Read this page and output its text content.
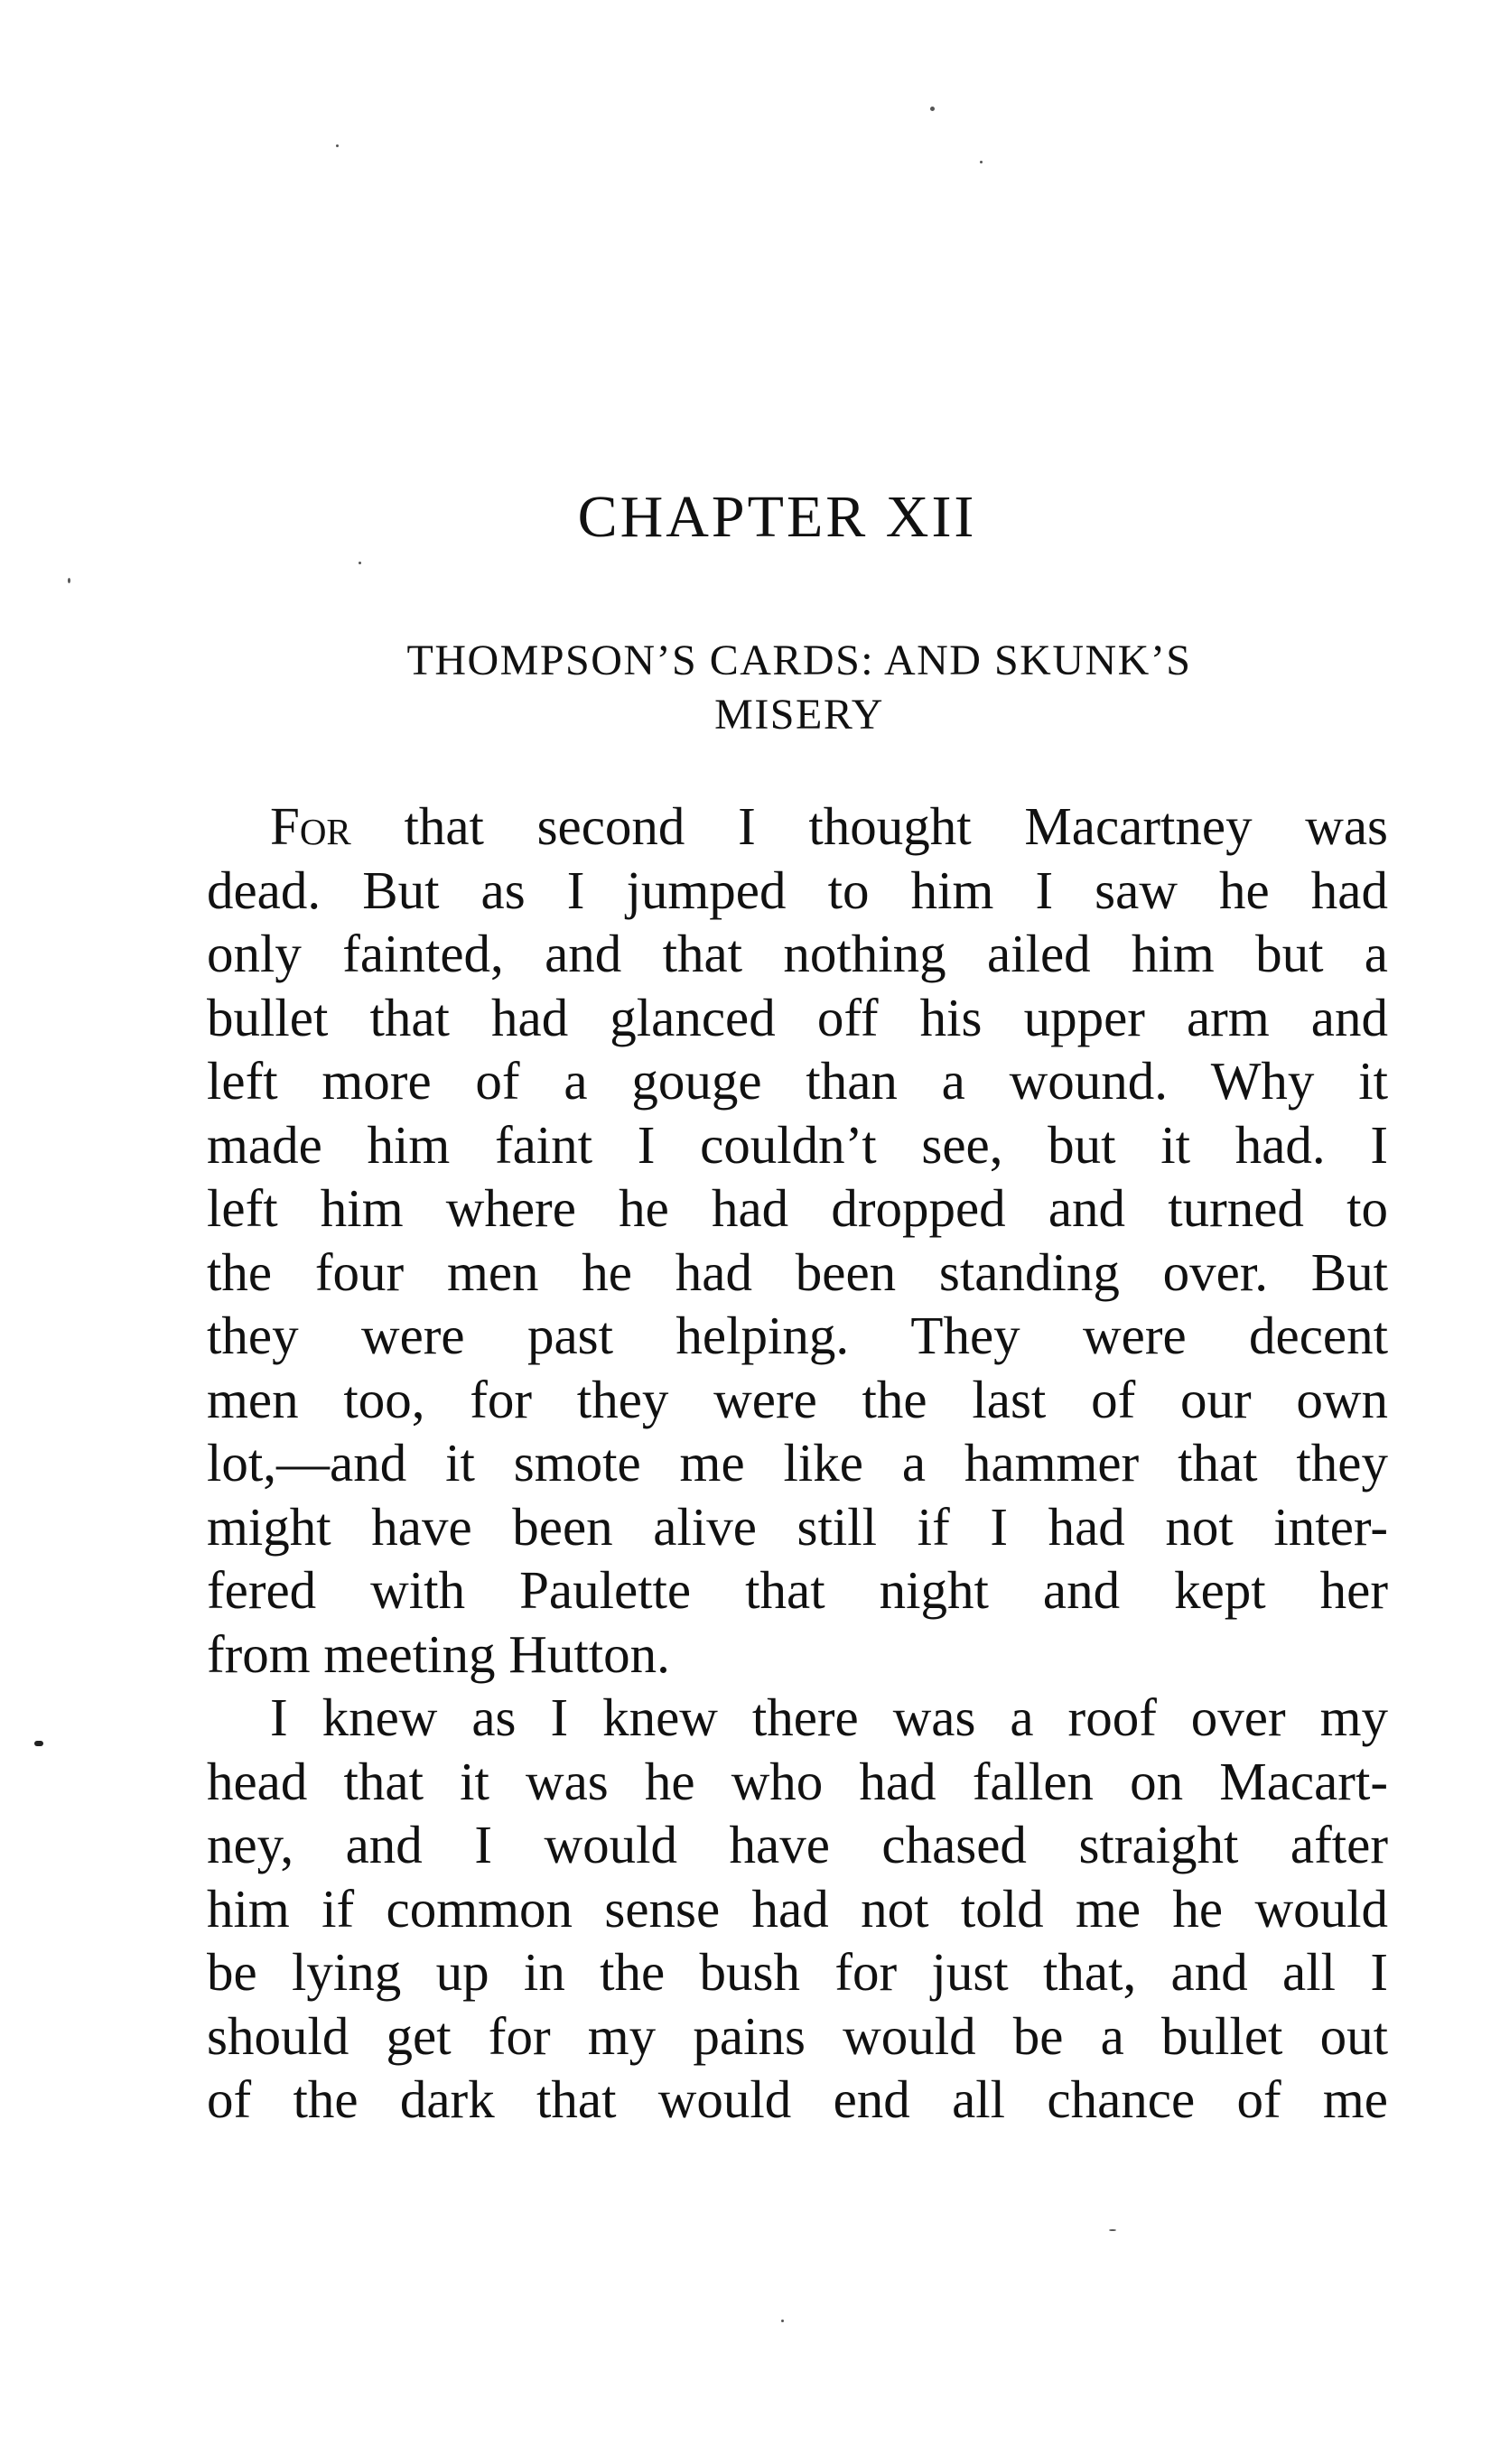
CHAPTER XII
THOMPSON’S CARDS: AND SKUNK’S
MISERY
For that second I thought Macartney was
dead. But as I jumped to him I saw he had
only fainted, and that nothing ailed him but a
bullet that had glanced off his upper arm and
left more of a gouge than a wound. Why it
made him faint I couldn’t see, but it had. I
left him where he had dropped and turned to
the four men he had been standing over. But
they were past helping. They were decent
men too, for they were the last of our own
lot,—and it smote me like a hammer that they
might have been alive still if I had not inter-
fered with Paulette that night and kept her
from meeting Hutton.
I knew as I knew there was a roof over my
head that it was he who had fallen on Macart-
ney, and I would have chased straight after
him if common sense had not told me he would
be lying up in the bush for just that, and all I
should get for my pains would be a bullet out
of the dark that would end all chance of me
